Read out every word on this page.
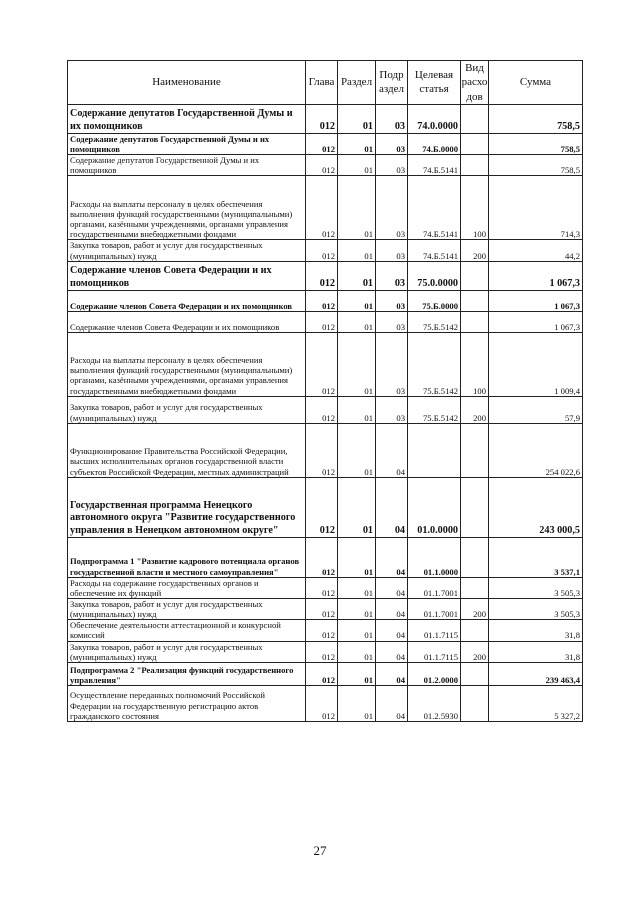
Наименование	Глава	Раздел	Подр аздел	Целевая статья	Вид расхо дов	Сумма
Содержание депутатов Государственной Думы и их помощников	012	01	03	74.0.0000		758,5
Содержание депутатов Государственной Думы и их помощников	012	01	03	74.Б.0000		758,5
Содержание депутатов Государственной Думы и их помощников	012	01	03	74.Б.5141		758,5
Расходы на выплаты персоналу в целях обеспечения выполнения функций государственными (муниципальными) органами, казёнными учреждениями, органами управления государственными внебюджетными фондами	012	01	03	74.Б.5141	100	714,3
Закупка товаров, работ и услуг для государственных (муниципальных) нужд	012	01	03	74.Б.5141	200	44,2
Содержание членов Совета Федерации и их помощников	012	01	03	75.0.0000		1 067,3
Содержание членов Совета Федерации и их помощников	012	01	03	75.Б.0000		1 067,3
Содержание членов Совета Федерации и их помощников	012	01	03	75.Б.5142		1 067,3
Расходы на выплаты персоналу в целях обеспечения выполнения функций государственными (муниципальными) органами, казёнными учреждениями, органами управления государственными внебюджетными фондами	012	01	03	75.Б.5142	100	1 009,4
Закупка товаров, работ и услуг для государственных (муниципальных) нужд	012	01	03	75.Б.5142	200	57,9
Функционирование Правительства Российской Федерации, высших исполнительных органов государственной власти субъектов Российской Федерации, местных администраций	012	01	04			254 022,6
Государственная программа Ненецкого автономного округа "Развитие государственного управления в Ненецком автономном округе"	012	01	04	01.0.0000		243 000,5
Подпрограмма 1 "Развитие кадрового потенциала органов государственной власти и местного самоуправления"	012	01	04	01.1.0000		3 537,1
Расходы на содержание государственных органов и обеспечение их функций	012	01	04	01.1.7001		3 505,3
Закупка товаров, работ и услуг для государственных (муниципальных) нужд	012	01	04	01.1.7001	200	3 505,3
Обеспечение деятельности аттестационной и конкурсной комиссий	012	01	04	01.1.7115		31,8
Закупка товаров, работ и услуг для государственных (муниципальных) нужд	012	01	04	01.1.7115	200	31,8
Подпрограмма 2 "Реализация функций государственного управления"	012	01	04	01.2.0000		239 463,4
Осуществление переданных полномочий Российской Федерации на государственную регистрацию актов гражданского состояния	012	01	04	01.2.5930		5 327,2
27
